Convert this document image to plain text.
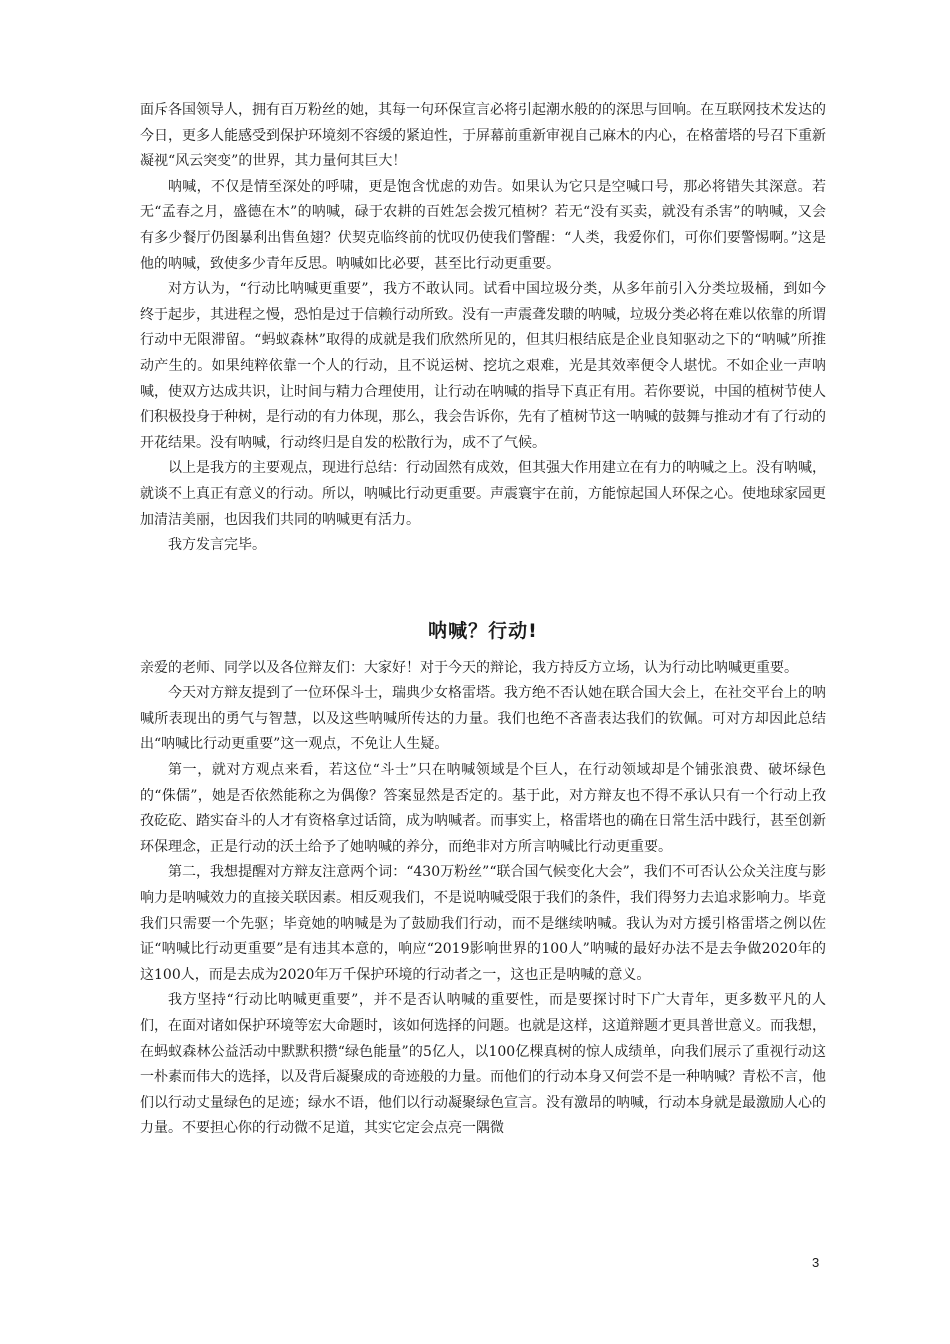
面斥各国领导人，拥有百万粉丝的她，其每一句环保宣言必将引起潮水般的的深思与回响。在互联网技术发达的今日，更多人能感受到保护环境刻不容缓的紧迫性，于屏幕前重新审视自己麻木的内心，在格蕾塔的号召下重新凝视“风云突变”的世界，其力量何其巨大！

呐喊，不仅是情至深处的呼啸，更是饱含忧虑的劝告。如果认为它只是空喊口号，那必将错失其深意。若无“孟春之月，盛德在木”的呐喊，碌于农耕的百姓怎会拨冗植树？若无“没有买卖，就没有杀害”的呐喊，又会有多少餐厅仍图暴利出售鱼翅？伏契克临终前的忧叹仍使我们警醒：“人类，我爱你们，可你们要警惕啊。”这是他的呐喊，致使多少青年反思。呐喊如比必要，甚至比行动更重要。

对方认为，“行动比呐喊更重要”，我方不敢认同。试看中国垃圾分类，从多年前引入分类垃圾桶，到如今终于起步，其进程之慢，恐怕是过于信赖行动所致。没有一声震聋发聩的呐喊，垃圾分类必将在难以依靠的所谓行动中无限滞留。“蚂蚁森林”取得的成就是我们欣然所见的，但其归根结底是企业良知驱动之下的“呐喊”所推动产生的。如果纯粹依靠一个人的行动，且不说运树、挖坑之艰难，光是其效率便令人堪忧。不如企业一声呐喊，使双方达成共识，让时间与精力合理使用，让行动在呐喊的指导下真正有用。若你要说，中国的植树节使人们积极投身于种树，是行动的有力体现，那么，我会告诉你，先有了植树节这一呐喊的鼓舞与推动才有了行动的开花结果。没有呐喊，行动终归是自发的松散行为，成不了气候。

以上是我方的主要观点，现进行总结：行动固然有成效，但其强大作用建立在有力的呐喊之上。没有呐喊，就谈不上真正有意义的行动。所以，呐喊比行动更重要。声震寰宇在前，方能惊起国人环保之心。使地球家园更加清洁美丽，也因我们共同的呐喊更有活力。

我方发言完毕。

呐喊？行动!

亲爱的老师、同学以及各位辩友们：大家好！对于今天的辩论，我方持反方立场，认为行动比呐喊更重要。

今天对方辩友提到了一位环保斗士，瑞典少女格雷塔。我方绝不否认她在联合国大会上，在社交平台上的呐喊所表现出的勇气与智慧，以及这些呐喊所传达的力量。我们也绝不吝啬表达我们的钦佩。可对方却因此总结出“呐喊比行动更重要”这一观点，不免让人生疑。

第一，就对方观点来看，若这位“斗士”只在呐喊领域是个巨人，在行动领域却是个铺张浪费、破坏绿色的“侏儒”，她是否依然能称之为偶像？答案显然是否定的。基于此，对方辩友也不得不承认只有一个行动上孜孜矻矻、踏实奋斗的人才有资格拿过话筒，成为呐喊者。而事实上，格雷塔也的确在日常生活中践行，甚至创新环保理念，正是行动的沃土给予了她呐喊的养分，而绝非对方所言呐喊比行动更重要。

第二，我想提醒对方辩友注意两个词：“430万粉丝”“联合国气候变化大会”，我们不可否认公众关注度与影响力是呐喊效力的直接关联因素。相反观我们，不是说呐喊受限于我们的条件，我们得努力去追求影响力。毕竟我们只需要一个先驱；毕竟她的呐喊是为了鼓励我们行动，而不是继续呐喊。我认为对方援引格雷塔之例以佐证“呐喊比行动更重要”是有违其本意的，响应“2019影响世界的100人”呐喊的最好办法不是去争做2020年的这100人，而是去成为2020年万千保护环境的行动者之一，这也正是呐喊的意义。

我方坚持“行动比呐喊更重要”，并不是否认呐喊的重要性，而是要探讨时下广大青年，更多数平凡的人们，在面对诸如保护环境等宏大命题时，该如何选择的问题。也就是这样，这道辩题才更具普世意义。而我想，在蚂蚁森林公益活动中默默积攒“绿色能量”的5亿人，以100亿棵真树的惊人成绩单，向我们展示了重视行动这一朴素而伟大的选择，以及背后凝聚成的奇迹般的力量。而他们的行动本身又何尝不是一种呐喊？青松不言，他们以行动丈量绿色的足迹；绿水不语，他们以行动凝聚绿色宣言。没有激昂的呐喊，行动本身就是最激励人心的力量。不要担心你的行动微不足道，其实它定会点亮一隅微

3
